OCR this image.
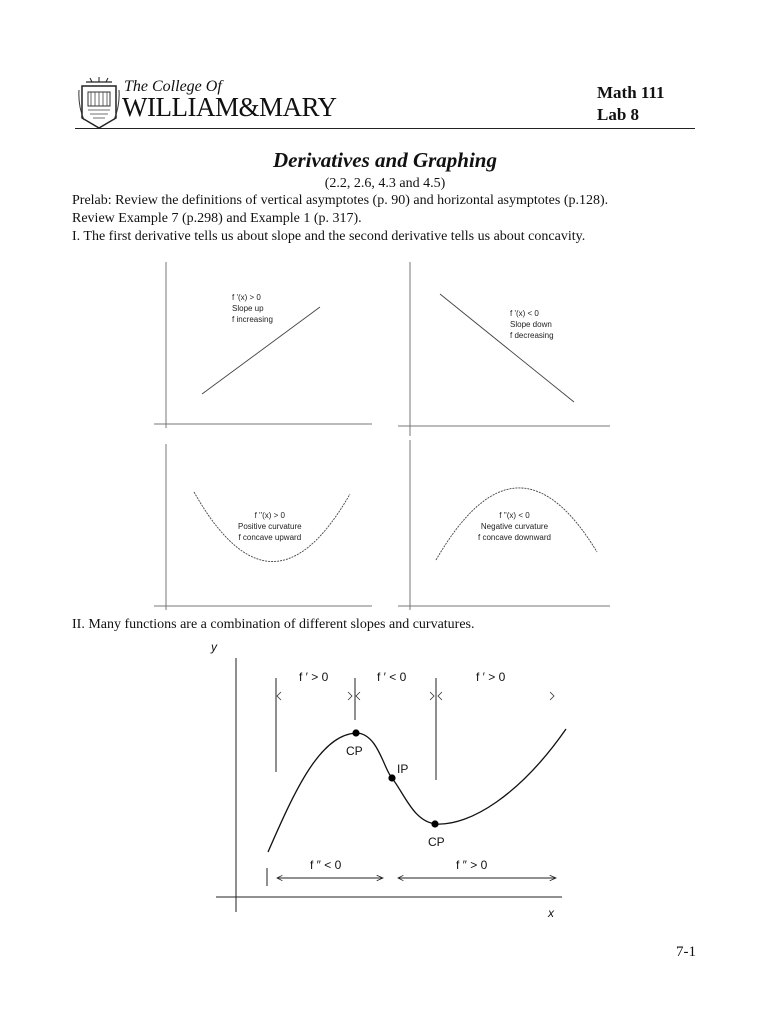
The College Of
WILLIAM&MARY	Math 111
Lab 8
Derivatives and Graphing
(2.2, 2.6, 4.3 and 4.5)
Prelab: Review the definitions of vertical asymptotes (p. 90) and horizontal asymptotes (p.128).
Review Example 7 (p.298) and Example 1 (p. 317).
I. The first derivative tells us about slope and the second derivative tells us about concavity.
f '(x) > 0
Slope up
f increasing
f '(x) < 0
Slope down
f decreasing
f ''(x) > 0
Positive curvature
f concave upward
f ''(x) < 0
Negative curvature
f concave downward
II. Many functions are a combination of different slopes and curvatures.
y
x
f ′ > 0	f ′ < 0	f ′ > 0
f ″ < 0	f ″ > 0
CP
IP
CP
7-1
